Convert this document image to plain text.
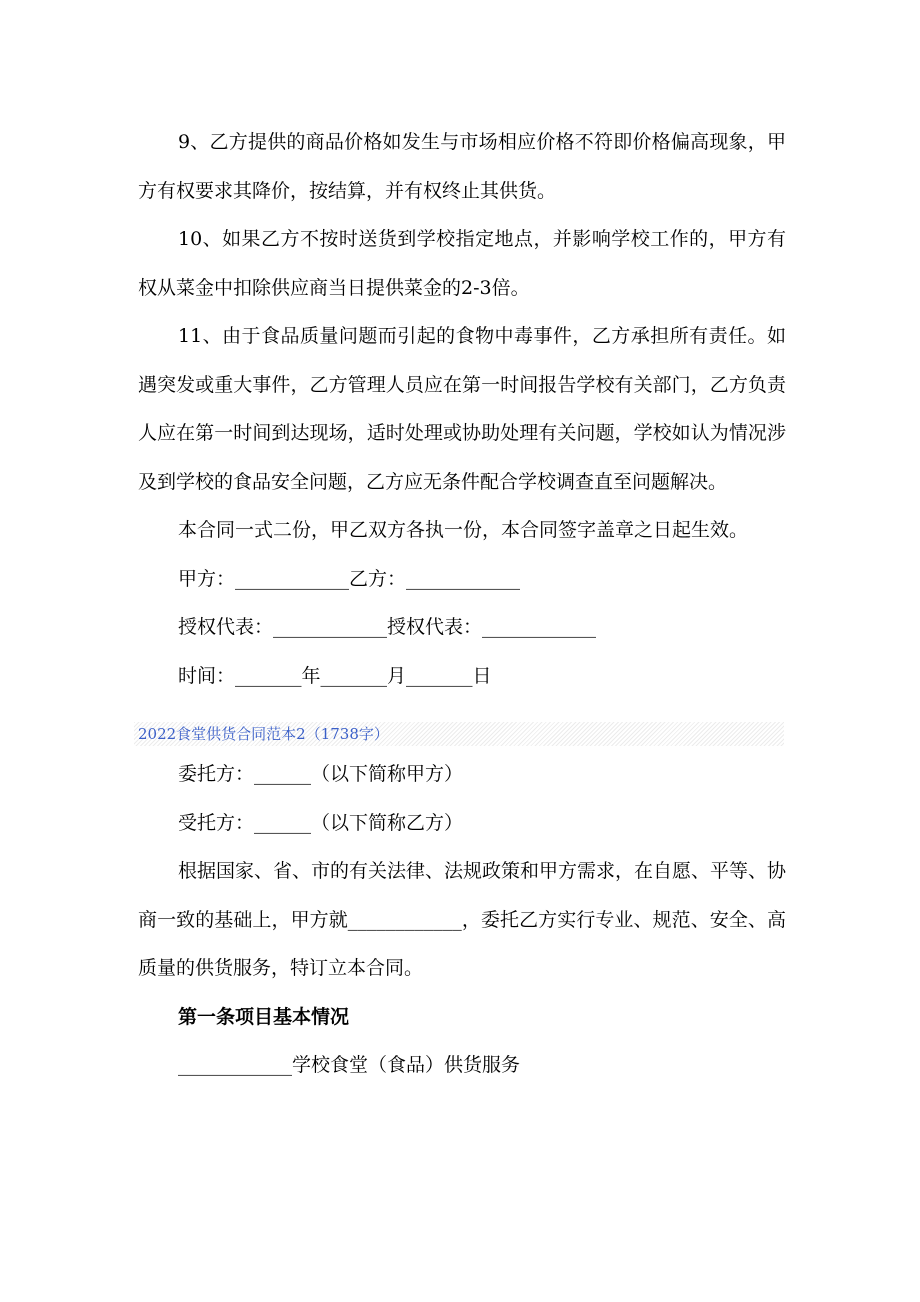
9、乙方提供的商品价格如发生与市场相应价格不符即价格偏高现象，甲方有权要求其降价，按结算，并有权终止其供货。

10、如果乙方不按时送货到学校指定地点，并影响学校工作的，甲方有权从菜金中扣除供应商当日提供菜金的2-3倍。

11、由于食品质量问题而引起的食物中毒事件，乙方承担所有责任。如遇突发或重大事件，乙方管理人员应在第一时间报告学校有关部门，乙方负责人应在第一时间到达现场，适时处理或协助处理有关问题，学校如认为情况涉及到学校的食品安全问题，乙方应无条件配合学校调查直至问题解决。

本合同一式二份，甲乙双方各执一份，本合同签字盖章之日起生效。

甲方：____________乙方：____________

授权代表：____________授权代表：____________

时间：_______年_______月_______日

2022食堂供货合同范本2（1738字）

委托方：______（以下简称甲方）

受托方：______（以下简称乙方）

根据国家、省、市的有关法律、法规政策和甲方需求，在自愿、平等、协商一致的基础上，甲方就____________，委托乙方实行专业、规范、安全、高质量的供货服务，特订立本合同。

第一条项目基本情况

____________学校食堂（食品）供货服务
